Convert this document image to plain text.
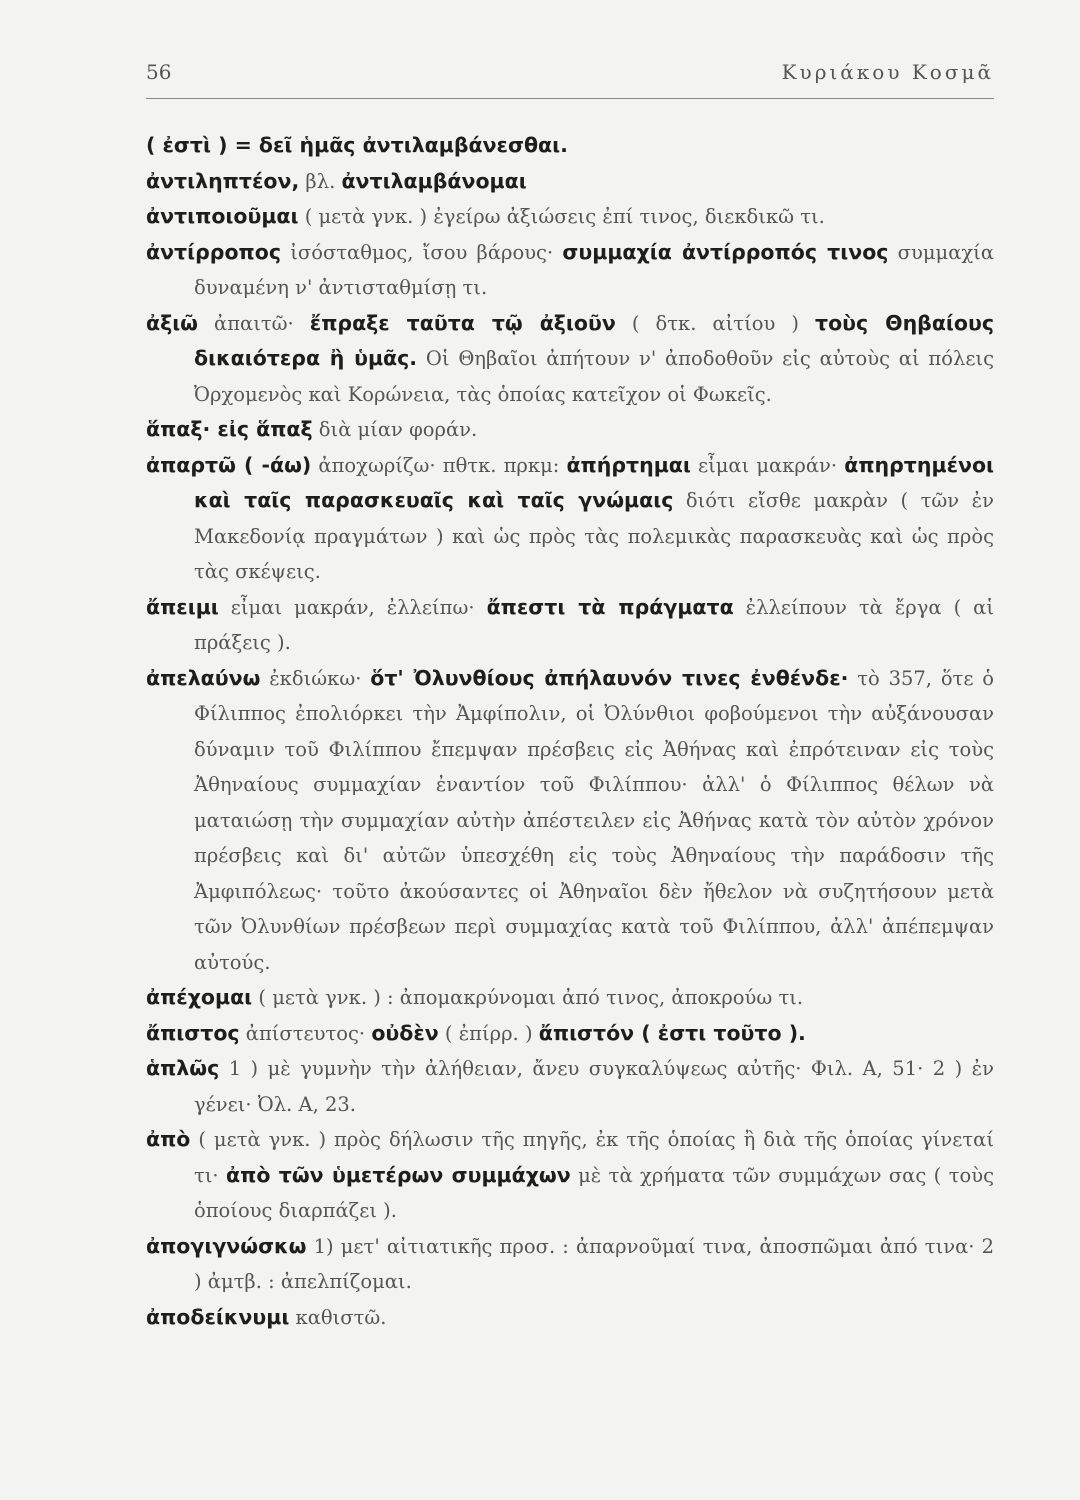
56	Κυριάκου Κοσμᾶ
( ἐστὶ ) = δεῖ ἡμᾶς ἀντιλαμβάνεσθαι.
ἀντιληπτέον, βλ. ἀντιλαμβάνομαι
ἀντιποιοῦμαι ( μετὰ γνκ. ) ἐγείρω ἀξιώσεις ἐπί τινος, διεκδικῶ τι.
ἀντίρροπος ἰσόσταθμος, ἴσου βάρους· συμμαχία ἀντίρροπός τινος συμμαχία δυναμένη ν' ἀντισταθμίσῃ τι.
ἀξιῶ ἀπαιτῶ· ἔπραξε ταῦτα τῷ ἀξιοῦν ( δτκ. αἰτίου ) τοὺς Θηβαίους δικαιότερα ἢ ὑμᾶς. Οἱ Θηβαῖοι ἀπήτουν ν' ἀποδοθοῦν εἰς αὐτοὺς αἱ πόλεις Ὀρχομενὸς καὶ Κορώνεια, τὰς ὁποίας κατεῖχον οἱ Φωκεῖς.
ἅπαξ· εἰς ἅπαξ διὰ μίαν φοράν.
ἀπαρτῶ ( -άω) ἀποχωρίζω· πθτκ. πρκμ: ἀπήρτημαι εἶμαι μακράν· ἀπηρτημένοι καὶ ταῖς παρασκευαῖς καὶ ταῖς γνώμαις διότι εἴσθε μακρὰν ( τῶν ἐν Μακεδονίᾳ πραγμάτων ) καὶ ὡς πρὸς τὰς πολεμικὰς παρασκευὰς καὶ ὡς πρὸς τὰς σκέψεις.
ἄπειμι εἶμαι μακράν, ἐλλείπω· ἄπεστι τὰ πράγματα ἐλλείπουν τὰ ἔργα ( αἱ πράξεις ).
ἀπελαύνω ἐκδιώκω· ὅτ' Ὀλυνθίους ἀπήλαυνόν τινες ἐνθένδε· τὸ 357, ὅτε ὁ Φίλιππος ἐπολιόρκει τὴν Ἀμφίπολιν, οἱ Ὀλύνθιοι φοβούμενοι τὴν αὐξάνουσαν δύναμιν τοῦ Φιλίππου ἔπεμψαν πρέσβεις εἰς Ἀθήνας καὶ ἐπρότειναν εἰς τοὺς Ἀθηναίους συμμαχίαν ἐναντίον τοῦ Φιλίππου· ἀλλ' ὁ Φίλιππος θέλων νὰ ματαιώσῃ τὴν συμμαχίαν αὐτὴν ἀπέστειλεν εἰς Ἀθήνας κατὰ τὸν αὐτὸν χρόνον πρέσβεις καὶ δι' αὐτῶν ὑπεσχέθη εἰς τοὺς Ἀθηναίους τὴν παράδοσιν τῆς Ἀμφιπόλεως· τοῦτο ἀκούσαντες οἱ Ἀθηναῖοι δὲν ἤθελον νὰ συζητήσουν μετὰ τῶν Ὀλυνθίων πρέσβεων περὶ συμμαχίας κατὰ τοῦ Φιλίππου, ἀλλ' ἀπέπεμψαν αὐτούς.
ἀπέχομαι ( μετὰ γνκ. ) : ἀπομακρύνομαι ἀπό τινος, ἀποκρούω τι.
ἄπιστος ἀπίστευτος· οὐδὲν ( ἐπίρρ. ) ἄπιστόν ( ἐστι τοῦτο ).
ἁπλῶς 1 ) μὲ γυμνὴν τὴν ἀλήθειαν, ἄνευ συγκαλύψεως αὐτῆς· Φιλ. Α, 51· 2 ) ἐν γένει· Ὀλ. Α, 23.
ἀπὸ ( μετὰ γνκ. ) πρὸς δήλωσιν τῆς πηγῆς, ἐκ τῆς ὁποίας ἢ διὰ τῆς ὁποίας γίνεταί τι· ἀπὸ τῶν ὑμετέρων συμμάχων μὲ τὰ χρήματα τῶν συμμάχων σας ( τοὺς ὁποίους διαρπάζει ).
ἀπογιγνώσκω 1) μετ' αἰτιατικῆς προσ. : ἀπαρνοῦμαί τινα, ἀποσπῶμαι ἀπό τινα· 2 ) ἀμτβ. : ἀπελπίζομαι.
ἀποδείκνυμι καθιστῶ.
